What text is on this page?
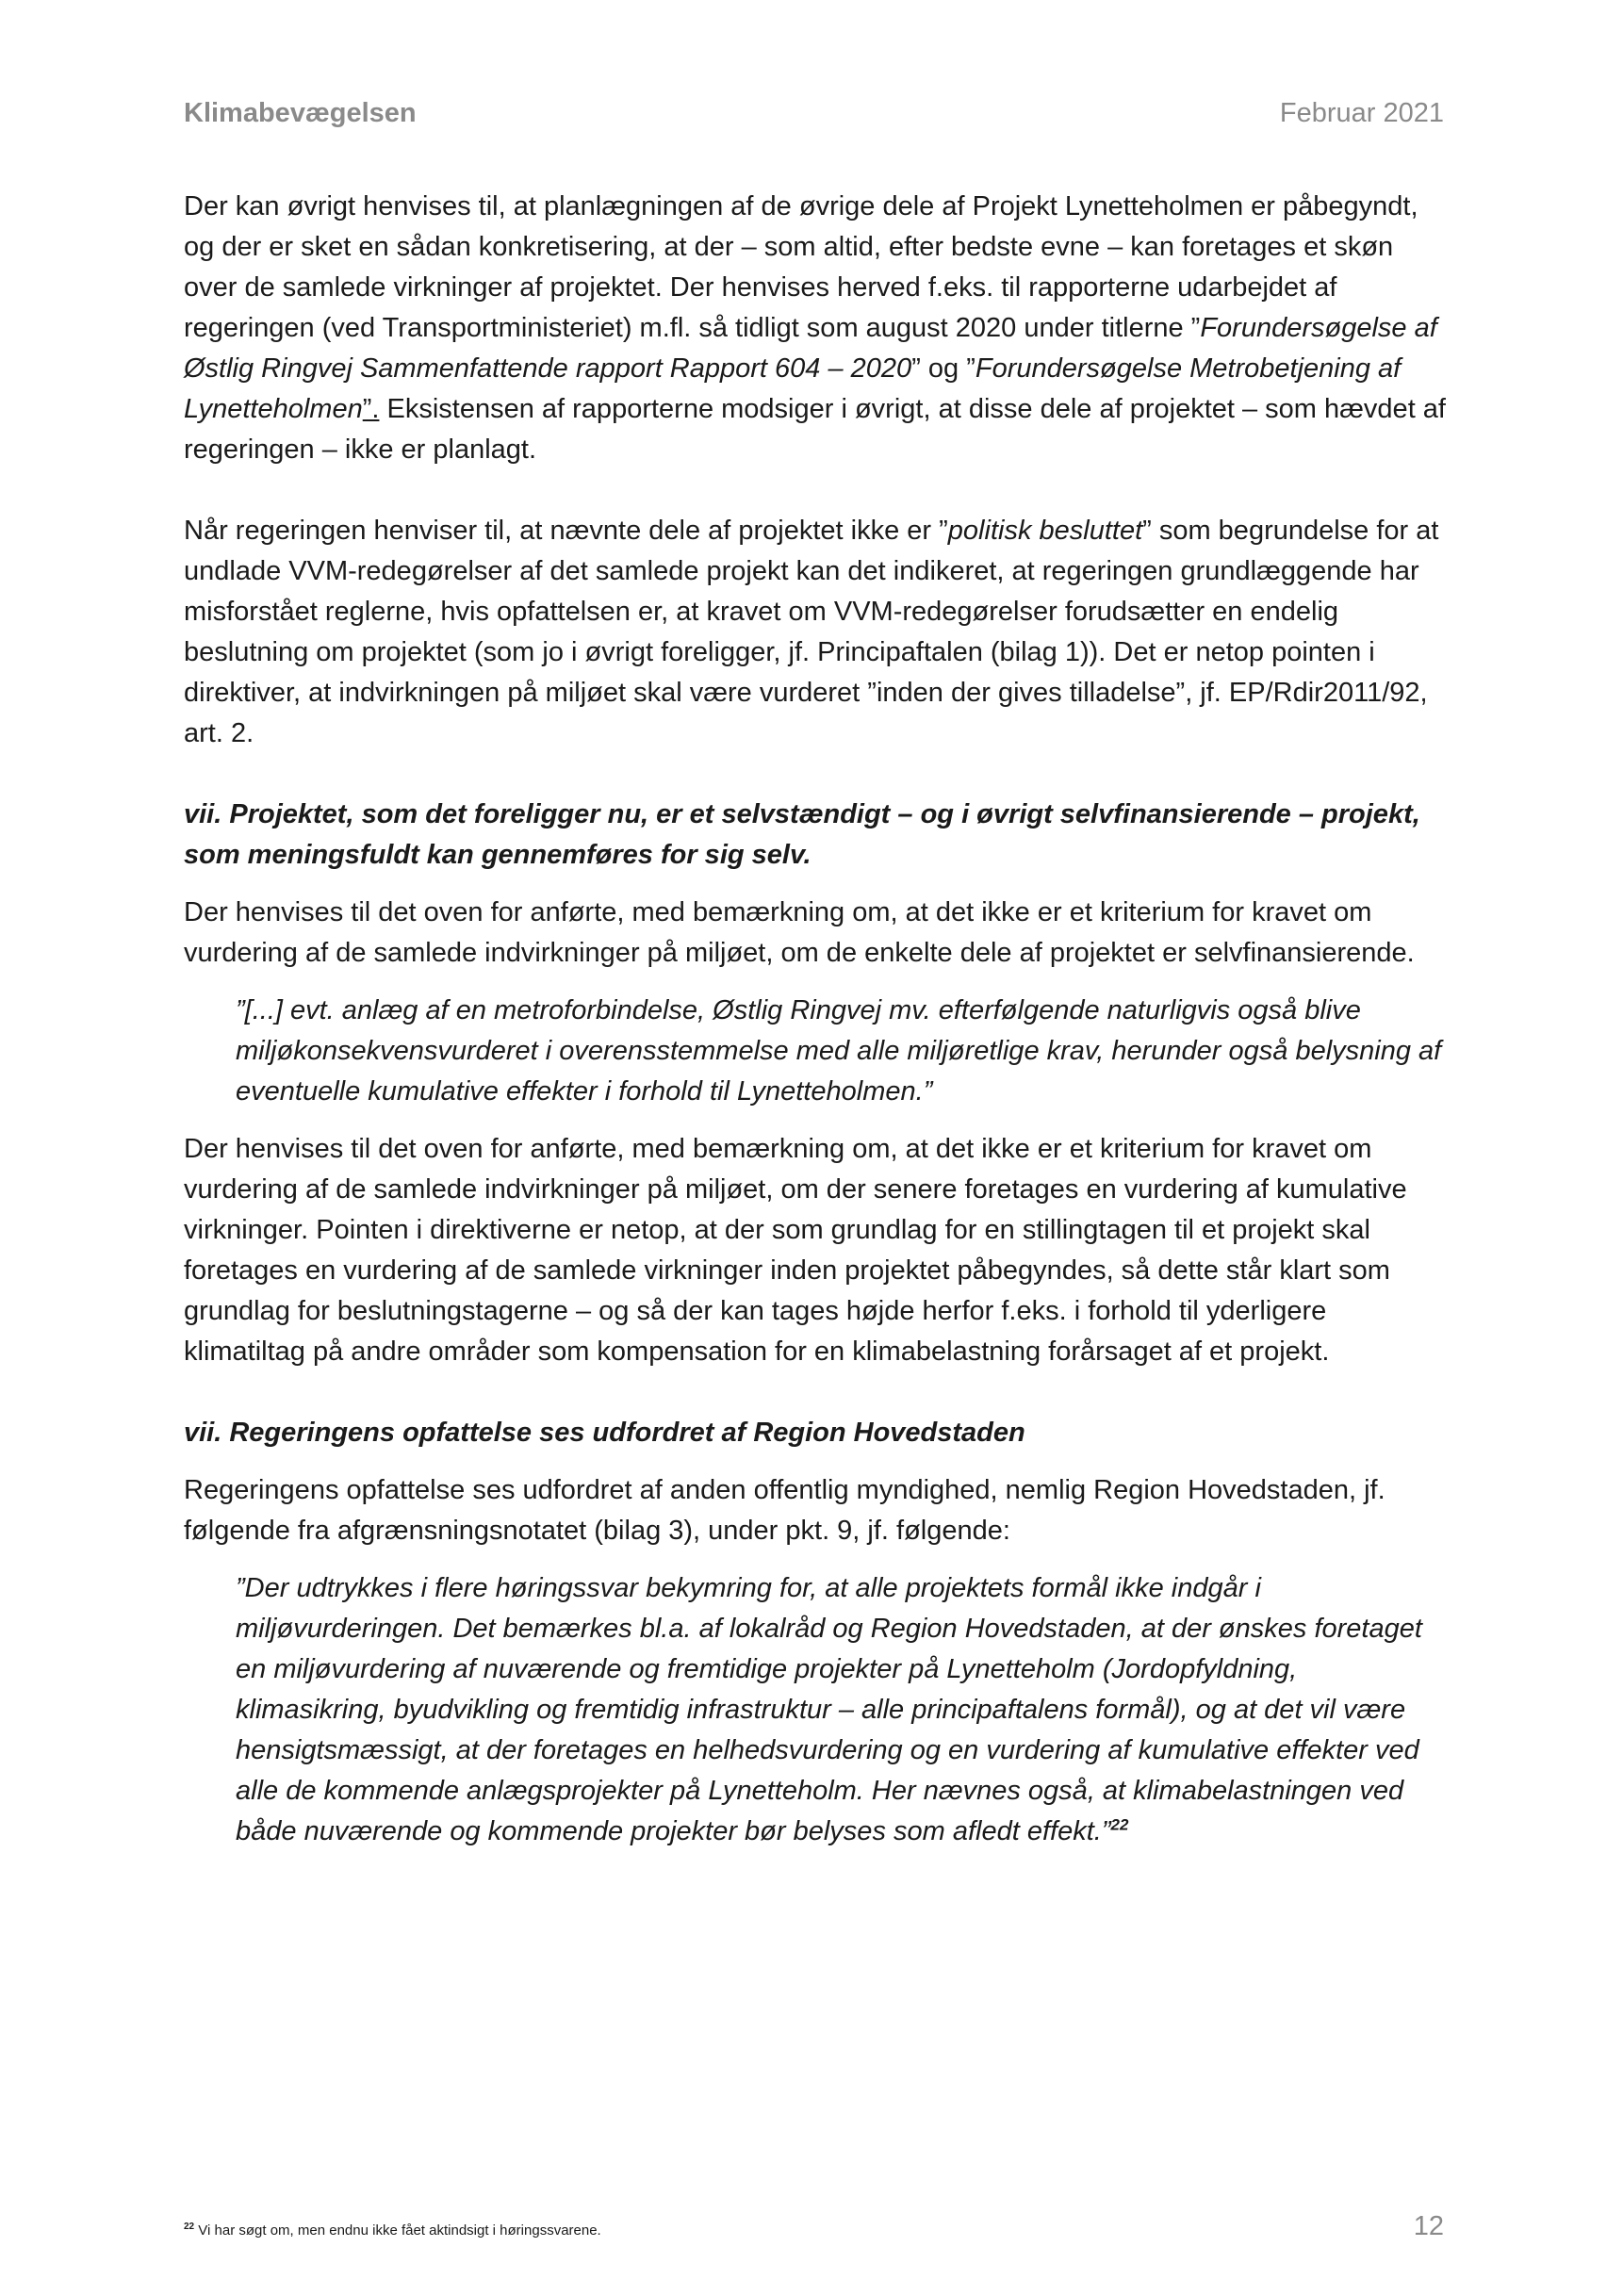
Klimabevægelsen	Februar 2021

Der kan øvrigt henvises til, at planlægningen af de øvrige dele af Projekt Lynetteholmen er påbegyndt, og der er sket en sådan konkretisering, at der – som altid, efter bedste evne – kan foretages et skøn over de samlede virkninger af projektet. Der henvises herved f.eks. til rapporterne udarbejdet af regeringen (ved Transportministeriet) m.fl. så tidligt som august 2020 under titlerne ”Forundersøgelse af Østlig Ringvej Sammenfattende rapport Rapport 604 – 2020” og ”Forundersøgelse Metrobetjening af Lynetteholmen”. Eksistensen af rapporterne modsiger i øvrigt, at disse dele af projektet – som hævdet af regeringen – ikke er planlagt.

Når regeringen henviser til, at nævnte dele af projektet ikke er ”politisk besluttet” som begrundelse for at undlade VVM-redegørelser af det samlede projekt kan det indikeret, at regeringen grundlæggende har misforstået reglerne, hvis opfattelsen er, at kravet om VVM-redegørelser forudsætter en endelig beslutning om projektet (som jo i øvrigt foreligger, jf. Principaftalen (bilag 1)). Det er netop pointen i direktiver, at indvirkningen på miljøet skal være vurderet ”inden der gives tilladelse”, jf. EP/Rdir2011/92, art. 2.

vii. Projektet, som det foreligger nu, er et selvstændigt – og i øvrigt selvfinansierende – projekt, som meningsfuldt kan gennemføres for sig selv.

Der henvises til det oven for anførte, med bemærkning om, at det ikke er et kriterium for kravet om vurdering af de samlede indvirkninger på miljøet, om de enkelte dele af projektet er selvfinansierende.

”[...] evt. anlæg af en metroforbindelse, Østlig Ringvej mv. efterfølgende naturligvis også blive miljøkonsekvensvurderet i overensstemmelse med alle miljøretlige krav, herunder også belysning af eventuelle kumulative effekter i forhold til Lynetteholmen.”

Der henvises til det oven for anførte, med bemærkning om, at det ikke er et kriterium for kravet om vurdering af de samlede indvirkninger på miljøet, om der senere foretages en vurdering af kumulative virkninger. Pointen i direktiverne er netop, at der som grundlag for en stillingtagen til et projekt skal foretages en vurdering af de samlede virkninger inden projektet påbegyndes, så dette står klart som grundlag for beslutningstagerne – og så der kan tages højde herfor f.eks. i forhold til yderligere klimatiltag på andre områder som kompensation for en klimabelastning forårsaget af et projekt.

vii. Regeringens opfattelse ses udfordret af Region Hovedstaden

Regeringens opfattelse ses udfordret af anden offentlig myndighed, nemlig Region Hovedstaden, jf. følgende fra afgrænsningsnotatet (bilag 3), under pkt. 9, jf. følgende:

”Der udtrykkes i flere høringssvar bekymring for, at alle projektets formål ikke indgår i miljøvurderingen. Det bemærkes bl.a. af lokalråd og Region Hovedstaden, at der ønskes foretaget en miljøvurdering af nuværende og fremtidige projekter på Lynetteholm (Jordopfyldning, klimasikring, byudvikling og fremtidig infrastruktur – alle principaftalens formål), og at det vil være hensigtsmæssigt, at der foretages en helhedsvurdering og en vurdering af kumulative effekter ved alle de kommende anlægsprojekter på Lynetteholm. Her nævnes også, at klimabelastningen ved både nuværende og kommende projekter bør belyses som afledt effekt.”$^{22}$

$^{22}$ Vi har søgt om, men endnu ikke fået aktindsigt i høringssvarene.	12
